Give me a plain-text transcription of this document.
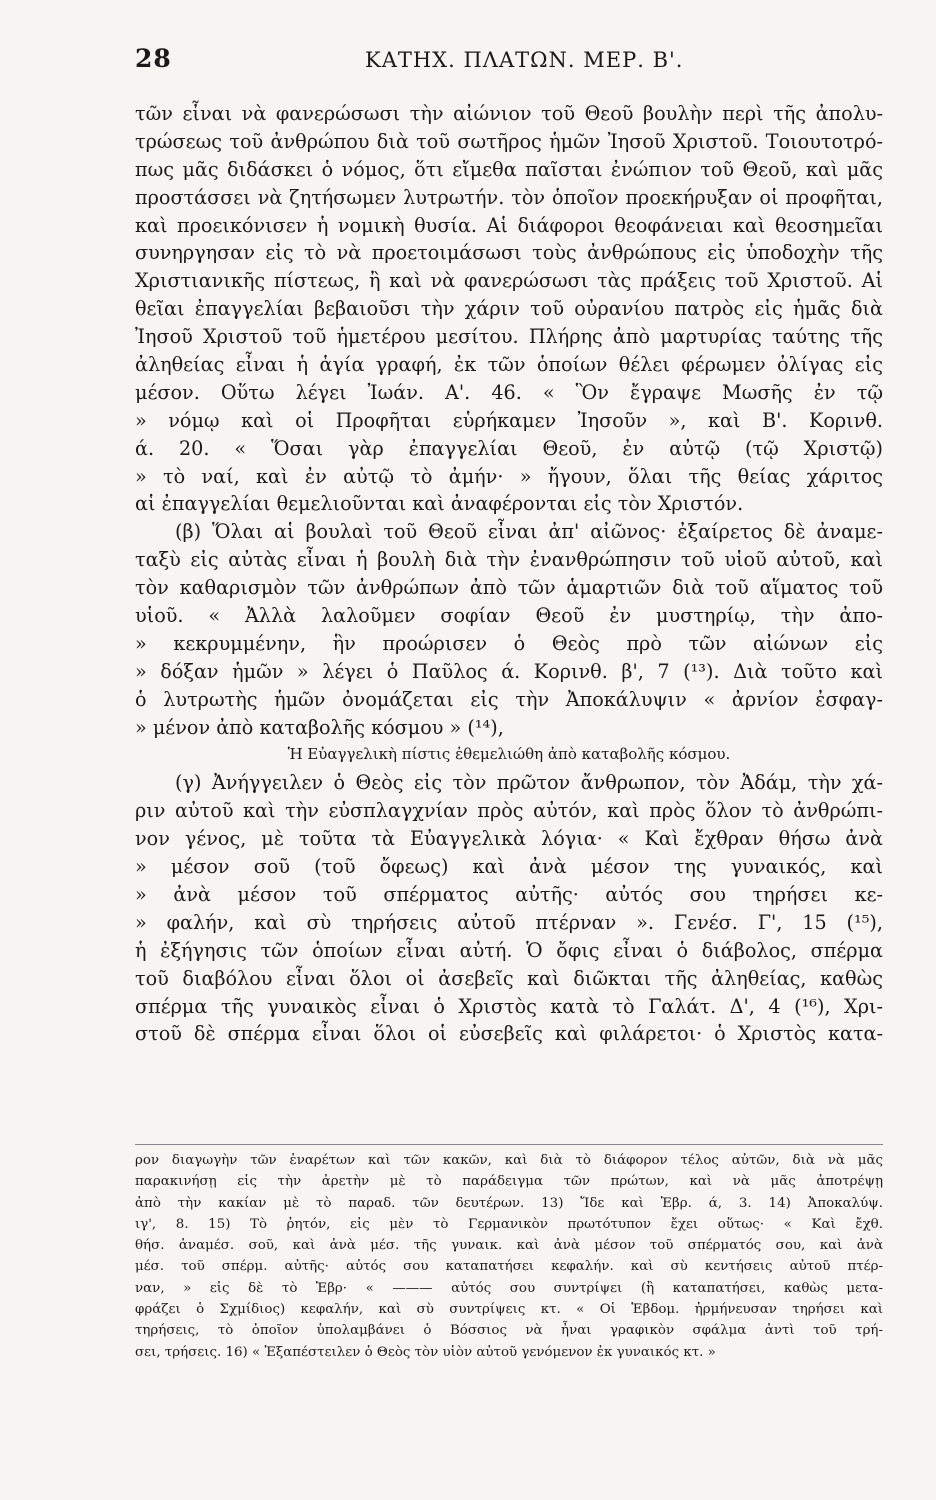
28	ΚΑΤΗΧ. ΠΛΑΤΩΝ. ΜΕΡ. Β'.
τῶν εἶναι νὰ φανερώσωσι τὴν αἰώνιον τοῦ Θεοῦ βουλὴν περὶ τῆς ἀπολυ-
τρώσεως τοῦ ἀνθρώπου διὰ τοῦ σωτῆρος ἡμῶν Ἰησοῦ Χριστοῦ. Τοιουτοτρό-
πως μᾶς διδάσκει ὁ νόμος, ὅτι εἴμεθα παῖσται ἐνώπιον τοῦ Θεοῦ, καὶ μᾶς
προστάσσει νὰ ζητήσωμεν λυτρωτήν. τὸν ὁποῖον προεκήρυξαν οἱ προφῆται,
καὶ προεικόνισεν ἡ νομικὴ θυσία. Αἱ διάφοροι θεοφάνειαι καὶ θεοσημεῖαι
συνηργησαν εἰς τὸ νὰ προετοιμάσωσι τοὺς ἀνθρώπους εἰς ὑποδοχὴν τῆς
Χριστιανικῆς πίστεως, ἢ καὶ νὰ φανερώσωσι τὰς πράξεις τοῦ Χριστοῦ. Αἱ
θεῖαι ἐπαγγελίαι βεβαιοῦσι τὴν χάριν τοῦ οὐρανίου πατρὸς εἰς ἡμᾶς διὰ
Ἰησοῦ Χριστοῦ τοῦ ἡμετέρου μεσίτου. Πλήρης ἀπὸ μαρτυρίας ταύτης τῆς
ἀληθείας εἶναι ἡ ἁγία γραφή, ἐκ τῶν ὁποίων θέλει φέρωμεν ὀλίγας εἰς
μέσον. Οὕτω λέγει Ἰωάν. Α'. 46. « Ὃν ἔγραψε Μωσῆς ἐν τῷ
» νόμῳ καὶ οἱ Προφῆται εὑρήκαμεν Ἰησοῦν », καὶ Β'. Κορινθ.
ά. 20. « Ὅσαι γὰρ ἐπαγγελίαι Θεοῦ, ἐν αὐτῷ (τῷ Χριστῷ)
» τὸ ναί, καὶ ἐν αὐτῷ τὸ ἀμήν· » ἤγουν, ὅλαι τῆς θείας χάριτος
αἱ ἐπαγγελίαι θεμελιοῦνται καὶ ἀναφέρονται εἰς τὸν Χριστόν.
(β) Ὅλαι αἱ βουλαὶ τοῦ Θεοῦ εἶναι ἀπ' αἰῶνος· ἐξαίρετος δὲ ἀναμε-
ταξὺ εἰς αὐτὰς εἶναι ἡ βουλὴ διὰ τὴν ἐνανθρώπησιν τοῦ υἱοῦ αὐτοῦ, καὶ
τὸν καθαρισμὸν τῶν ἀνθρώπων ἀπὸ τῶν ἁμαρτιῶν διὰ τοῦ αἵματος τοῦ
υἱοῦ. « Ἀλλὰ λαλοῦμεν σοφίαν Θεοῦ ἐν μυστηρίῳ, τὴν ἀπο-
» κεκρυμμένην, ἣν προώρισεν ὁ Θεὸς πρὸ τῶν αἰώνων εἰς
» δόξαν ἡμῶν » λέγει ὁ Παῦλος ά. Κορινθ. β', 7 (¹³). Διὰ τοῦτο καὶ
ὁ λυτρωτὴς ἡμῶν ὀνομάζεται εἰς τὴν Ἀποκάλυψιν « ἀρνίον ἐσφαγ-
» μένον ἀπὸ καταβολῆς κόσμου » (¹⁴),
Ἡ Εὐαγγελικὴ πίστις ἐθεμελιώθη ἀπὸ καταβολῆς κόσμου.
(γ) Ἀνήγγειλεν ὁ Θεὸς εἰς τὸν πρῶτον ἄνθρωπον, τὸν Ἀδάμ, τὴν χά-
ριν αὐτοῦ καὶ τὴν εὐσπλαγχνίαν πρὸς αὐτόν, καὶ πρὸς ὅλον τὸ ἀνθρώπι-
νον γένος, μὲ τοῦτα τὰ Εὐαγγελικὰ λόγια· « Καὶ ἔχθραν θήσω ἀνὰ
» μέσον σοῦ (τοῦ ὄφεως) καὶ ἀνὰ μέσον της γυναικός, καὶ
» ἀνὰ μέσον τοῦ σπέρματος αὐτῆς· αὐτός σου τηρήσει κε-
» φαλήν, καὶ σὺ τηρήσεις αὐτοῦ πτέρναν ». Γενέσ. Γ', 15 (¹⁵),
ἡ ἐξήγησις τῶν ὁποίων εἶναι αὐτή. Ὁ ὄφις εἶναι ὁ διάβολος, σπέρμα
τοῦ διαβόλου εἶναι ὅλοι οἱ ἀσεβεῖς καὶ διῶκται τῆς ἀληθείας, καθὼς
σπέρμα τῆς γυναικὸς εἶναι ὁ Χριστὸς κατὰ τὸ Γαλάτ. Δ', 4 (¹⁶), Χρι-
στοῦ δὲ σπέρμα εἶναι ὅλοι οἱ εὐσεβεῖς καὶ φιλάρετοι· ὁ Χριστὸς κατα-
ρον διαγωγὴν τῶν ἐναρέτων καὶ τῶν κακῶν, καὶ διὰ τὸ διάφορον τέλος αὐτῶν, διὰ νὰ μᾶς
παρακινήσῃ εἰς τὴν ἀρετὴν μὲ τὸ παράδειγμα τῶν πρώτων, καὶ νὰ μᾶς ἀποτρέψῃ
ἀπὸ τὴν κακίαν μὲ τὸ παραδ. τῶν δευτέρων. 13) Ἴδε καὶ Ἑβρ. ά, 3. 14) Ἀποκαλύψ.
ιγ', 8. 15) Τὸ ῥητόν, εἰς μὲν τὸ Γερμανικὸν πρωτότυπον ἔχει οὕτως· « Καὶ ἔχθ.
θήσ. ἀναμέσ. σοῦ, καὶ ἀνὰ μέσ. τῆς γυναικ. καὶ ἀνὰ μέσον τοῦ σπέρματός σου, καὶ ἀνὰ
μέσ. τοῦ σπέρμ. αὐτῆς· αὐτός σου καταπατήσει κεφαλήν. καὶ σὺ κεντήσεις αὐτοῦ πτέρ-
ναν, » εἰς δὲ τὸ Ἑβρ· « ——— αὐτός σου συντρίψει (ἢ καταπατήσει, καθὼς μετα-
φράζει ὁ Σχμίδιος) κεφαλήν, καὶ σὺ συντρίψεις κτ. « Οἱ Ἑβδομ. ἡρμήνευσαν τηρήσει καὶ
τηρήσεις, τὸ ὁποῖον ὑπολαμβάνει ὁ Βόσσιος νὰ ἦναι γραφικὸν σφάλμα ἀντὶ τοῦ τρή-
σει, τρήσεις. 16) « Ἐξαπέστειλεν ὁ Θεὸς τὸν υἱὸν αὐτοῦ γενόμενον ἐκ γυναικός κτ. »
